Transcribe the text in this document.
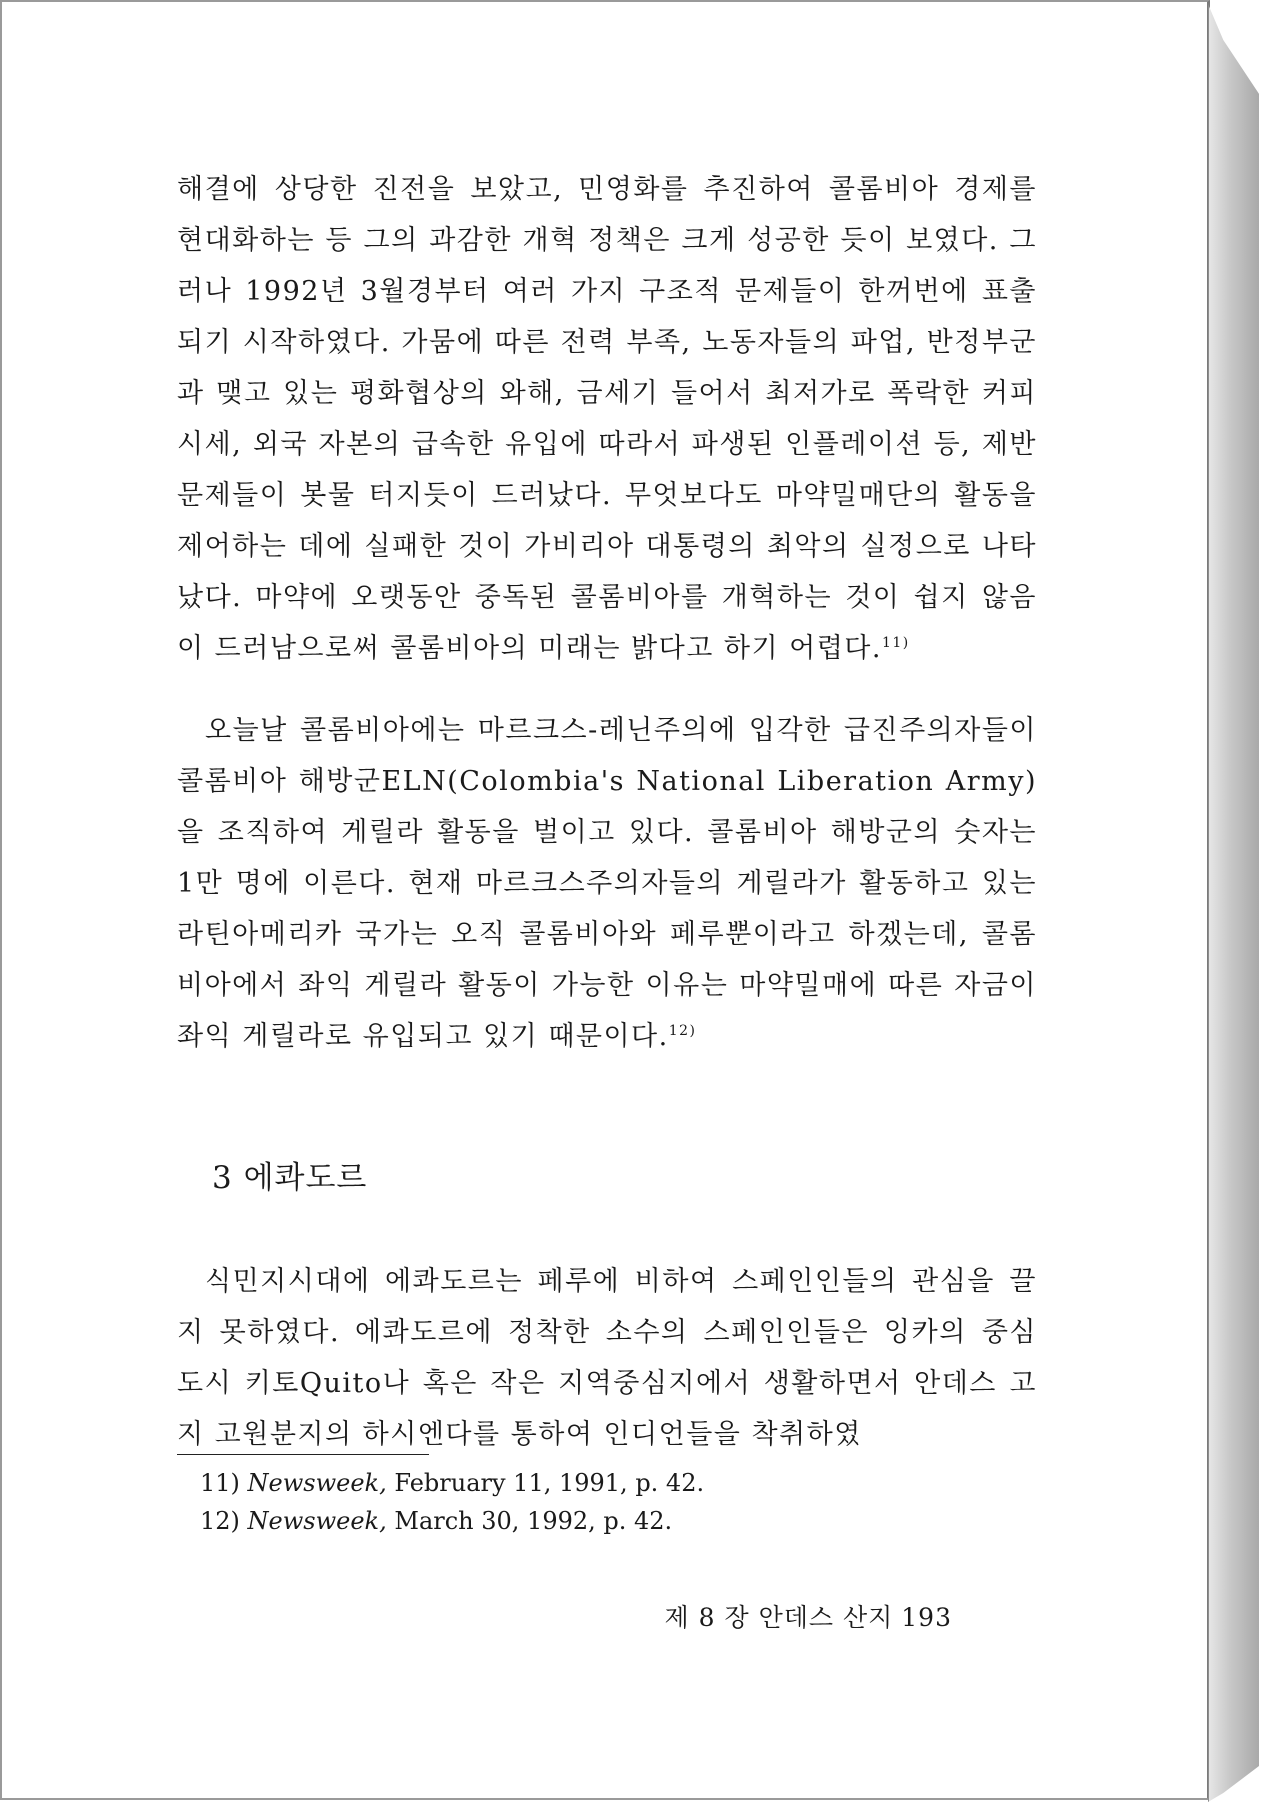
해결에 상당한 진전을 보았고, 민영화를 추진하여 콜롬비아 경제를 현대화하는 등 그의 과감한 개혁 정책은 크게 성공한 듯이 보였다. 그러나 1992년 3월경부터 여러 가지 구조적 문제들이 한꺼번에 표출되기 시작하였다. 가뭄에 따른 전력 부족, 노동자들의 파업, 반정부군과 맺고 있는 평화협상의 와해, 금세기 들어서 최저가로 폭락한 커피 시세, 외국 자본의 급속한 유입에 따라서 파생된 인플레이션 등, 제반 문제들이 봇물 터지듯이 드러났다. 무엇보다도 마약밀매단의 활동을 제어하는 데에 실패한 것이 가비리아 대통령의 최악의 실정으로 나타났다. 마약에 오랫동안 중독된 콜롬비아를 개혁하는 것이 쉽지 않음이 드러남으로써 콜롬비아의 미래는 밝다고 하기 어렵다.$^{11)}$
오늘날 콜롬비아에는 마르크스-레닌주의에 입각한 급진주의자들이 콜롬비아 해방군ELN(Colombia's National Liberation Army)을 조직하여 게릴라 활동을 벌이고 있다. 콜롬비아 해방군의 숫자는 1만 명에 이른다. 현재 마르크스주의자들의 게릴라가 활동하고 있는 라틴아메리카 국가는 오직 콜롬비아와 페루뿐이라고 하겠는데, 콜롬비아에서 좌익 게릴라 활동이 가능한 이유는 마약밀매에 따른 자금이 좌익 게릴라로 유입되고 있기 때문이다.$^{12)}$
3 에콰도르
식민지시대에 에콰도르는 페루에 비하여 스페인인들의 관심을 끌지 못하였다. 에콰도르에 정착한 소수의 스페인인들은 잉카의 중심 도시 키토Quito나 혹은 작은 지역중심지에서 생활하면서 안데스 고지 고원분지의 하시엔다를 통하여 인디언들을 착취하였
11) Newsweek, February 11, 1991, p. 42.
12) Newsweek, March 30, 1992, p. 42.
제 8 장 안데스 산지 193
